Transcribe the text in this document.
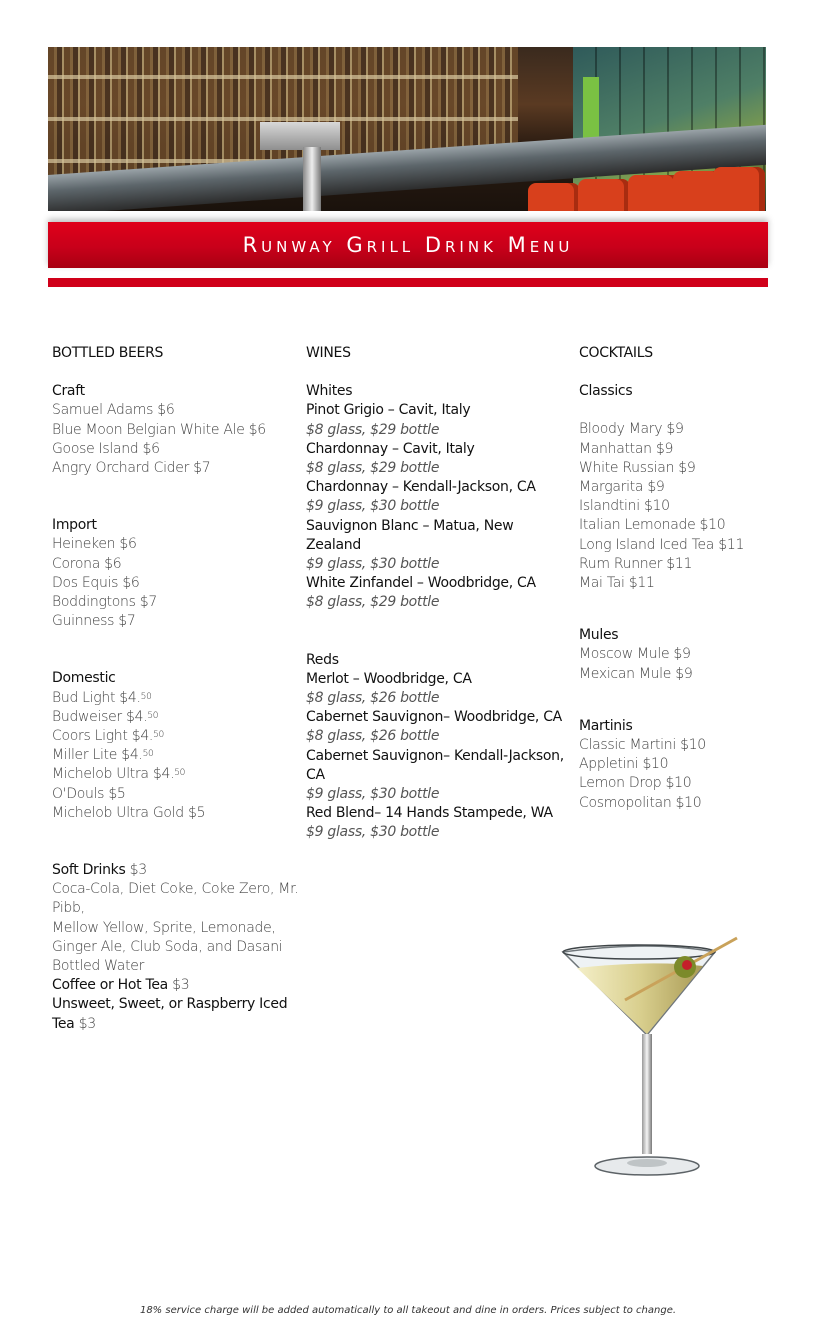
Runway Grill Drink Menu
BOTTLED BEERS
Craft
Samuel Adams $6
Blue Moon Belgian White Ale $6
Goose Island $6
Angry Orchard Cider $7
Import
Heineken $6
Corona $6
Dos Equis $6
Boddingtons $7
Guinness $7
Domestic
Bud Light $4.50
Budweiser $4.50
Coors Light $4.50
Miller Lite $4.50
Michelob Ultra $4.50
O'Douls $5
Michelob Ultra Gold $5
Soft Drinks $3
Coca-Cola, Diet Coke, Coke Zero, Mr. Pibb,
Mellow Yellow, Sprite, Lemonade, Ginger Ale, Club Soda, and Dasani Bottled Water
Coffee or Hot Tea $3
Unsweet, Sweet, or Raspberry Iced Tea $3
WINES
Whites
Pinot Grigio – Cavit, Italy
$8 glass, $29 bottle
Chardonnay – Cavit, Italy
$8 glass, $29 bottle
Chardonnay – Kendall-Jackson, CA
$9 glass, $30 bottle
Sauvignon Blanc – Matua, New Zealand
$9 glass, $30 bottle
White Zinfandel – Woodbridge, CA
$8 glass, $29 bottle
Reds
Merlot – Woodbridge, CA
$8 glass, $26 bottle
Cabernet Sauvignon– Woodbridge, CA
$8 glass, $26 bottle
Cabernet Sauvignon– Kendall-Jackson, CA
$9 glass, $30 bottle
Red Blend– 14 Hands Stampede, WA
$9 glass, $30 bottle
COCKTAILS
Classics
Bloody Mary $9
Manhattan $9
White Russian $9
Margarita $9
Islandtini $10
Italian Lemonade $10
Long Island Iced Tea $11
Rum Runner $11
Mai Tai $11
Mules
Moscow Mule $9
Mexican Mule $9
Martinis
Classic Martini $10
Appletini $10
Lemon Drop $10
Cosmopolitan $10
18% service charge will be added automatically to all takeout and dine in orders. Prices subject to change.
